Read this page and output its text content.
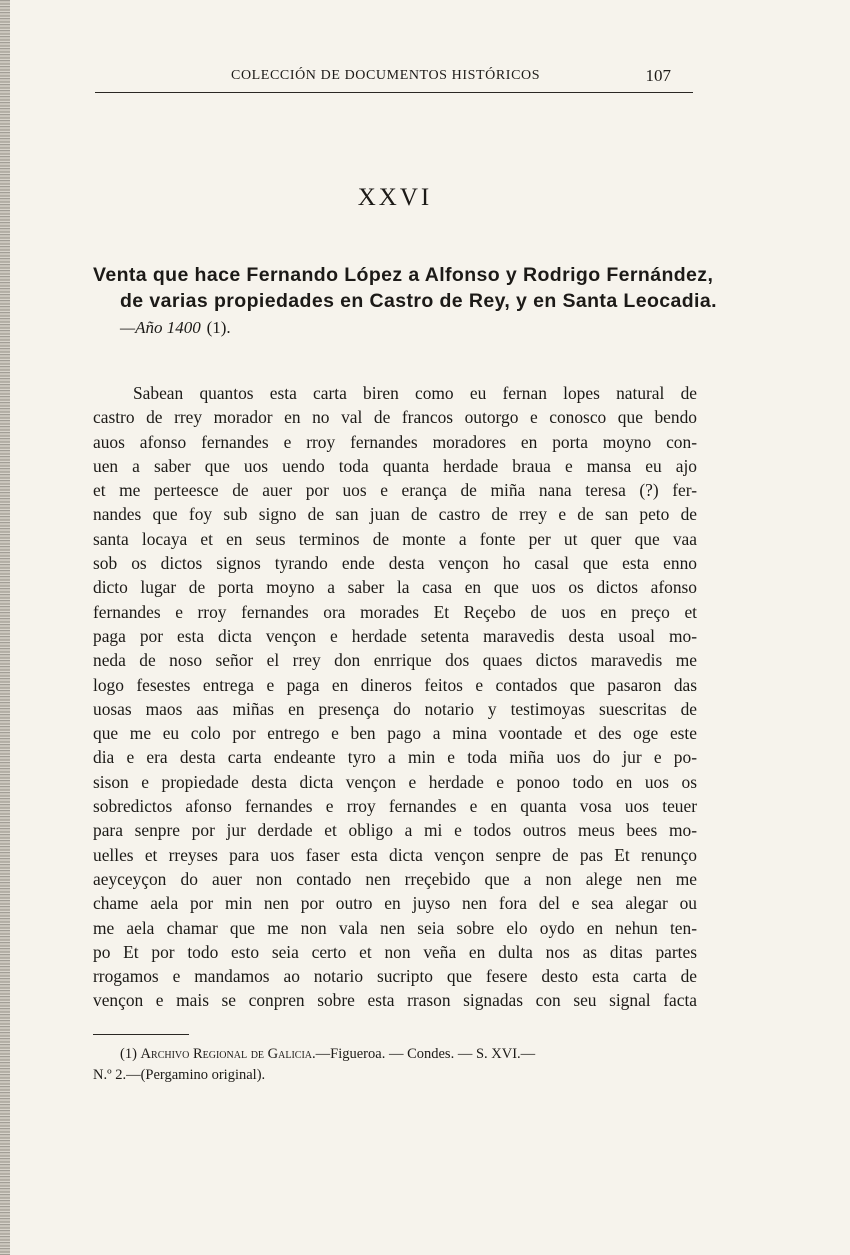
COLECCIÓN DE DOCUMENTOS HISTÓRICOS	107
XXVI
Venta que hace Fernando López a Alfonso y Rodrigo Fernández, de varias propiedades en Castro de Rey, y en Santa Leocadia.—Año 1400 (1).
Sabean quantos esta carta biren como eu fernan lopes natural de
castro de rrey morador en no val de francos outorgo e conosco que bendo
auos afonso fernandes e rroy fernandes moradores en porta moyno con-
uen a saber que uos uendo toda quanta herdade braua e mansa eu ajo
et me perteesce de auer por uos e erança de miña nana teresa (?) fer-
nandes que foy sub signo de san juan de castro de rrey e de san peto de
santa locaya et en seus terminos de monte a fonte per ut quer que vaa
sob os dictos signos tyrando ende desta vençon ho casal que esta enno
dicto lugar de porta moyno a saber la casa en que uos os dictos afonso
fernandes e rroy fernandes ora morades Et Reçebo de uos en preço et
paga por esta dicta vençon e herdade setenta maravedis desta usoal mo-
neda de noso señor el rrey don enrrique dos quaes dictos maravedis me
logo fesestes entrega e paga en dineros feitos e contados que pasaron das
uosas maos aas miñas en presença do notario y testimoyas suescritas de
que me eu colo por entrego e ben pago a mina voontade et des oge este
dia e era desta carta endeante tyro a min e toda miña uos do jur e po-
sison e propiedade desta dicta vençon e herdade e ponoo todo en uos os
sobredictos afonso fernandes e rroy fernandes e en quanta vosa uos teuer
para senpre por jur derdade et obligo a mi e todos outros meus bees mo-
uelles et rreyses para uos faser esta dicta vençon senpre de pas Et renunço
aeyceyçon do auer non contado nen rreçebido que a non alege nen me
chame aela por min nen por outro en juyso nen fora del e sea alegar ou
me aela chamar que me non vala nen seia sobre elo oydo en nehun ten-
po Et por todo esto seia certo et non veña en dulta nos as ditas partes
rrogamos e mandamos ao notario sucripto que fesere desto esta carta de
vençon e mais se conpren sobre esta rrason signadas con seu signal facta
(1) Archivo Regional de Galicia.—Figueroa. — Condes. — S. XVI.—
N.º 2.—(Pergamino original).
